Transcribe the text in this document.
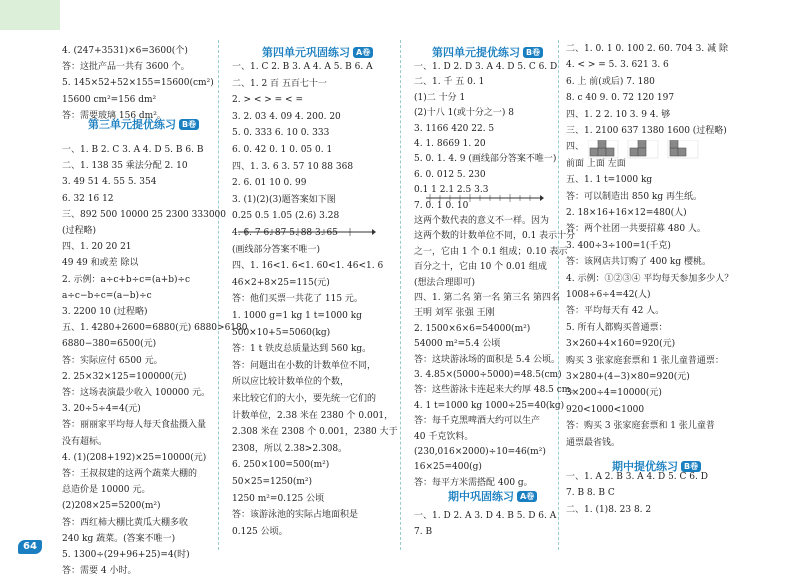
64
4. (247+3531)×6=3600(个)
答：这批产品一共有 3600 个。
5. 145×52+52×155=15600(cm²)
15600 cm²=156 dm²
答：需要玻璃 156 dm²。
一、1. B 2. C 3. A 4. D 5. B 6. B
二、1. 138 35 乘法分配 2. 10
3. 49 51 4. 55 5. 354
6. 32 16 12
三、892 500 10000 25 2300 333000
(过程略)
四、1. 20 20 21
49 49 和或差 除以
2. 示例：a÷c+b÷c=(a+b)÷c
a÷c−b÷c=(a−b)÷c
3. 2200 10 (过程略)
五、1. 4280+2600=6880(元) 6880>6180
6880−380=6500(元)
答：实际应付 6500 元。
2. 25×32×125=100000(元)
答：这场表演最少收入 100000 元。
3. 20÷5÷4=4(元)
答：丽丽家平均每人每天食盐摄入量
没有超标。
4. (1)(208+192)×25=10000(元)
答：王叔叔建的这两个蔬菜大棚的
总造价是 10000 元。
(2)208×25=5200(m²)
答：西红柿大棚比黄瓜大棚多收
240 kg 蔬菜。(答案不唯一)
5. 1300÷(29+96+25)=4(时)
答：需要 4 小时。
第三单元提优练习 B卷
第四单元巩固练习 A卷
一、1. C 2. B 3. A 4. A 5. B 6. A
二、1. 2 百 五百七十一
2. > < > = < =
3. 2. 03 4. 09 4. 200. 20
5. 0. 333 6. 10 0. 333
6. 0. 42 0. 1 0. 05 0. 1
四、1. 3. 6 3. 57 10 88 368
2. 6. 01 10 0. 99
3. (1)(2)(3)题答案如下图
0.25 0.5 1.05 (2.6) 3.28
4. 6. 7 6. 87 5. 88 3. 65
(画线部分答案不唯一)
四、1. 16<1. 6<1. 60<1. 46<1. 6
46×2+8×25=115(元)
答：他们买票一共花了 115 元。
1. 1000 g=1 kg 1 t=1000 kg
500×10+5=5060(kg)
答：1 t 铁皮总质量达到 560 kg。
答：问题出在小数的计数单位不同，
所以应比较计数单位的个数，
来比较它们的大小，要先统一它们的
计数单位，2.38 米在 2380 个 0.001，
2.308 米在 2308 个 0.001，2380 大于
2308，所以 2.38>2.308。
6. 250×100=500(m²)
50×25=1250(m²)
1250 m²=0.125 公顷
答：该游泳池的实际占地面积是
0.125 公顷。
第四单元提优练习 B卷
一、1. D 2. D 3. A 4. D 5. C 6. D
二、1. 千 五 0. 1
(1)二 十分 1
(2)十八 1(或十分之一) 8
3. 1166 420 22. 5
4. 1. 8669 1. 20
5. 0. 1. 4. 9 (画线部分答案不唯一)
6. 0. 012 5. 230
0.1 1 2.1 2.5 3.3
7. 0. 1 0. 10
这两个数代表的意义不一样。因为
这两个数的计数单位不同，0.1 表示十分
之一，它由 1 个 0.1 组成；0.10 表示
百分之十，它由 10 个 0.01 组成
(想法合理即可)
四、1. 第二名 第一名 第三名 第四名
王明 刘军 张强 王刚
2. 1500×6×6=54000(m²)
54000 m²=5.4 公顷
答：这块游泳场的面积是 5.4 公顷。
3. 4.85×(5000÷5000)=48.5(cm)
答：这些游泳卡连起来大约厚 48.5 cm。
4. 1 t=1000 kg 1000÷25=40(kg)
答：每千克黑啤酒大约可以生产
40 千克饮料。
(230,016×2000)÷10=46(m²)
16×25=400(g)
答：每平方米需搭配 400 g。
一、1. D 2. A 3. D 4. B 5. D 6. A
7. B
期中巩固练习 A卷
二、1. 0. 1 0. 100 2. 60. 704 3. 减 除
4. < > = 5. 3. 621 3. 6
6. 上 前(或后) 7. 180
8. c 40 9. 0. 72 120 197
四、1. 2 2. 10 3. 9 4. 够
三、1. 2100 637 1380 1600 (过程略)
四、
前面 上面 左面
五、1. 1 t=1000 kg
答：可以制造出 850 kg 再生纸。
2. 18×16+16×12=480(人)
答：两个社团一共要招募 480 人。
3. 400÷3÷100=1(千克)
答：该网店共订购了 400 kg 樱桃。
4. 示例：①②③④ 平均每天参加多少人？
1008÷6÷4=42(人)
答：平均每天有 42 人。
5. 所有人都购买普通票：
3×260+4×160=920(元)
购买 3 张家庭套票和 1 张儿童普通票：
3×280+(4−3)×80=920(元)
3×200÷4=10000(元)
920<1000<1000
答：购买 3 张家庭套票和 1 张儿童普
通票最省钱。
一、1. A 2. B 3. A 4. D 5. C 6. D
7. B 8. B C
二、1. (1)8. 23 8. 2
期中提优练习 B卷
